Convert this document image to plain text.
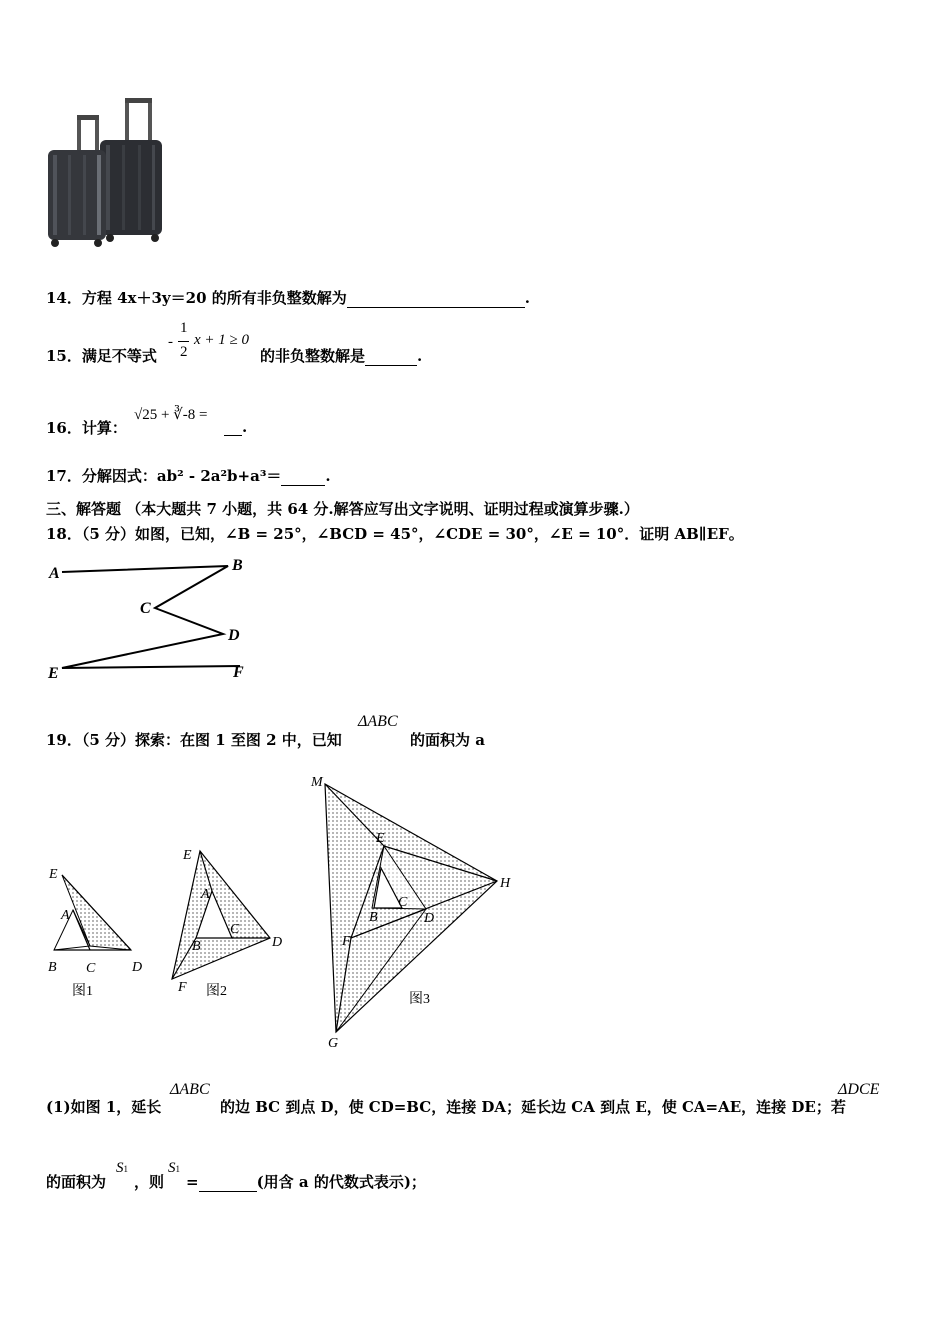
14．方程 4x＋3y＝20 的所有非负整数解为	.
15．满足不等式
-
1
2
x + 1 ≥ 0
的非负整数解是	.
16．计算：
√25 + ∛-8 =
.
17．分解因式：ab² - 2a²b+a³＝	.
三、解答题 （本大题共 7 小题，共 64 分.解答应写出文字说明、证明过程或演算步骤.）
18．（5 分）如图，已知，∠B = 25°，∠BCD = 45°，∠CDE = 30°，∠E = 10°．证明 AB∥EF。
A	B
C
D
E	F
19．（5 分）探索：在图 1 至图 2 中，已知
ΔABC
的面积为 a
E
A
B C	D
图1
E
A
B
C
D
F 图2
M
E
H
B
C
D
F
G
图3
(1)如图 1，延长
ΔABC
的边 BC 到点 D，使 CD=BC，连接 DA；延长边 CA 到点 E，使 CA=AE，连接 DE；若
ΔDCE
的面积为
S1
，则
S1
=	(用含 a 的代数式表示)；
